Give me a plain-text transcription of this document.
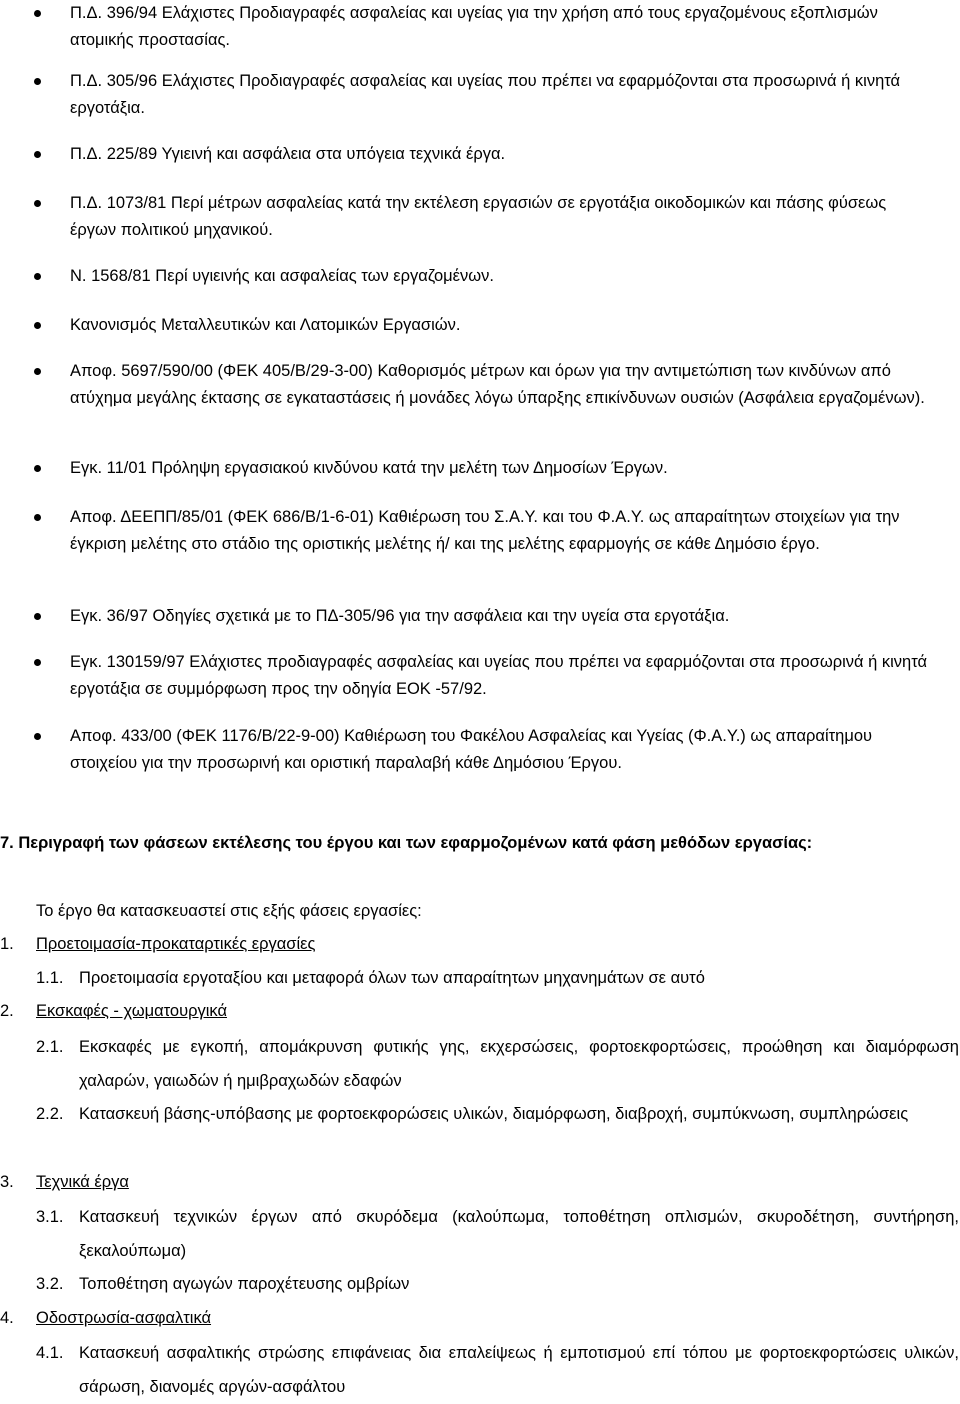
Π.Δ. 396/94 Ελάχιστες Προδιαγραφές ασφαλείας και υγείας για την χρήση από τους εργαζομένους εξοπλισμών ατομικής προστασίας.
Π.Δ. 305/96 Ελάχιστες Προδιαγραφές ασφαλείας και υγείας που πρέπει να εφαρμόζονται στα προσωρινά ή κινητά εργοτάξια.
Π.Δ. 225/89 Υγιεινή και ασφάλεια στα υπόγεια τεχνικά έργα.
Π.Δ. 1073/81 Περί μέτρων ασφαλείας κατά την εκτέλεση εργασιών σε εργοτάξια οικοδομικών και πάσης φύσεως έργων πολιτικού μηχανικού.
Ν. 1568/81 Περί υγιεινής και ασφαλείας των εργαζομένων.
Κανονισμός Μεταλλευτικών και Λατομικών Εργασιών.
Αποφ. 5697/590/00 (ΦΕΚ 405/Β/29-3-00) Καθορισμός μέτρων και όρων για την αντιμετώπιση των κινδύνων από ατύχημα μεγάλης έκτασης σε εγκαταστάσεις ή μονάδες λόγω ύπαρξης επικίνδυνων ουσιών (Ασφάλεια εργαζομένων).
Εγκ. 11/01 Πρόληψη εργασιακού κινδύνου κατά την μελέτη των Δημοσίων Έργων.
Αποφ. ΔΕΕΠΠ/85/01 (ΦΕΚ 686/Β/1-6-01) Καθιέρωση του Σ.Α.Υ. και του Φ.Α.Υ. ως απαραίτητων στοιχείων για την έγκριση μελέτης στο στάδιο της οριστικής μελέτης ή/ και της μελέτης εφαρμογής σε κάθε Δημόσιο έργο.
Εγκ. 36/97 Οδηγίες σχετικά με το ΠΔ-305/96 για την ασφάλεια και την υγεία στα εργοτάξια.
Εγκ. 130159/97 Ελάχιστες προδιαγραφές ασφαλείας και υγείας που πρέπει να εφαρμόζονται στα προσωρινά ή κινητά εργοτάξια σε συμμόρφωση προς την οδηγία ΕΟΚ -57/92.
Αποφ. 433/00 (ΦΕΚ 1176/Β/22-9-00) Καθιέρωση του Φακέλου Ασφαλείας και Υγείας (Φ.Α.Υ.) ως απαραίτημου στοιχείου για την προσωρινή και οριστική παραλαβή κάθε Δημόσιου Έργου.
7. Περιγραφή των φάσεων εκτέλεσης του έργου και των εφαρμοζομένων κατά φάση μεθόδων εργασίας:
Το έργο θα κατασκευαστεί στις εξής φάσεις εργασίες:
1. Προετοιμασία-προκαταρτικές εργασίες
1.1. Προετοιμασία εργοταξίου και μεταφορά όλων των απαραίτητων μηχανημάτων σε αυτό
2. Εκσκαφές - χωματουργικά
2.1. Εκσκαφές με εγκοπή, απομάκρυνση φυτικής γης, εκχερσώσεις, φορτοεκφορτώσεις, προώθηση και διαμόρφωση χαλαρών, γαιωδών ή ημιβραχωδών εδαφών
2.2. Κατασκευή βάσης-υπόβασης με φορτοεκφορώσεις υλικών, διαμόρφωση, διαβροχή, συμπύκνωση, συμπληρώσεις
3. Τεχνικά έργα
3.1. Κατασκευή τεχνικών έργων από σκυρόδεμα (καλούπωμα, τοποθέτηση οπλισμών, σκυροδέτηση, συντήρηση, ξεκαλούπωμα)
3.2. Τοποθέτηση αγωγών παροχέτευσης ομβρίων
4. Οδοστρωσία-ασφαλτικά
4.1. Κατασκευή ασφαλτικής στρώσης επιφάνειας δια επαλείψεως ή εμποτισμού επί τόπου με φορτοεκφορτώσεις υλικών, σάρωση, διανομές αργών-ασφάλτου
